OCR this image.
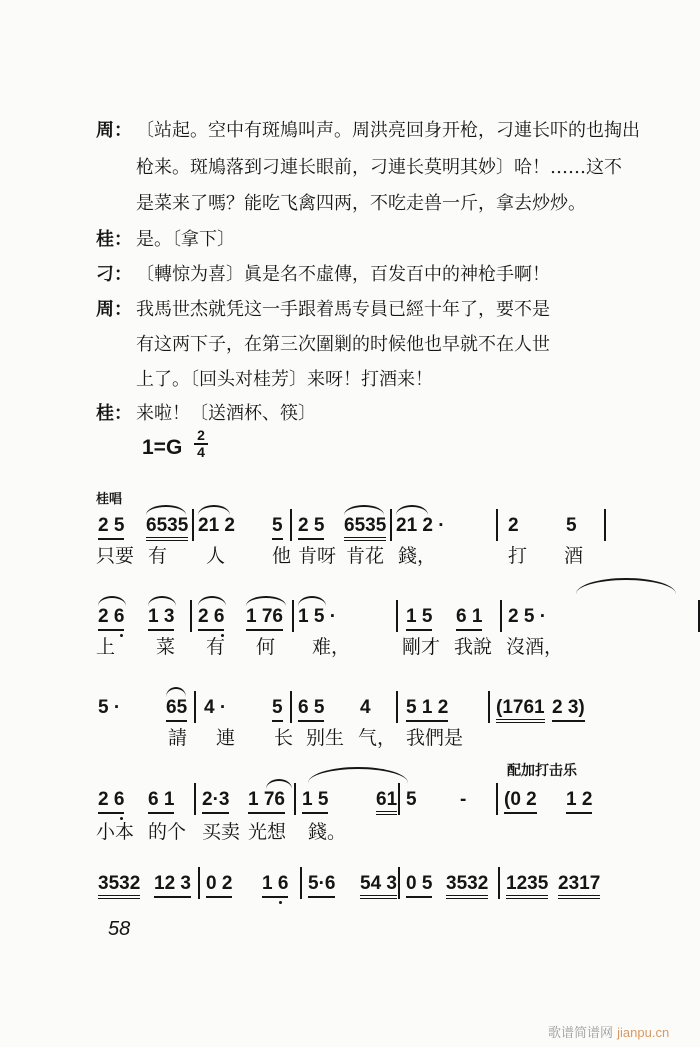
周： 〔站起。空中有斑鳩叫声。周洪亮回身开枪，刁連长吓的也掏出
枪来。斑鳩落到刁連长眼前，刁連长莫明其妙〕哈！……这不
是菜来了嗎？能吃飞禽四两，不吃走兽一斤，拿去炒炒。
桂： 是。〔拿下〕
刁： 〔轉惊为喜〕眞是名不虛傳，百发百中的神枪手啊！
周： 我馬世杰就凭这一手跟着馬专員已經十年了，要不是
有这两下子，在第三次圍剿的时候他也早就不在人世
上了。〔回头对桂芳〕来呀！打酒来！
桂： 来啦！〔送酒杯、筷〕
$1=G \frac{2}{4}$
桂唱
2 5 6535 21 2 5 2 5 6535 21 2 ·	2 5
只要 有 人 他 肯呀 肯花 錢，	打 酒
2 6 1 3 2 6 1 76 1 5 ·	1 5 6 1 2 5 ·
上 菜 有 何 难，	剛才 我說 沒酒，
5 · 65 4 · 5 6 5 4 5 1 2	(1761 2 3)
請 連 长 别生 气， 我們是
配加打击乐
2 6 6 1 2·3 1 76 1 5	61 5 - (0 2 1 2
小本 的个 买卖 光想 錢。
3532 12 3 0 2 1 6 5·6 54 3 0 5 3532 1235 2317
58
歌谱简谱网 jianpu.cn
